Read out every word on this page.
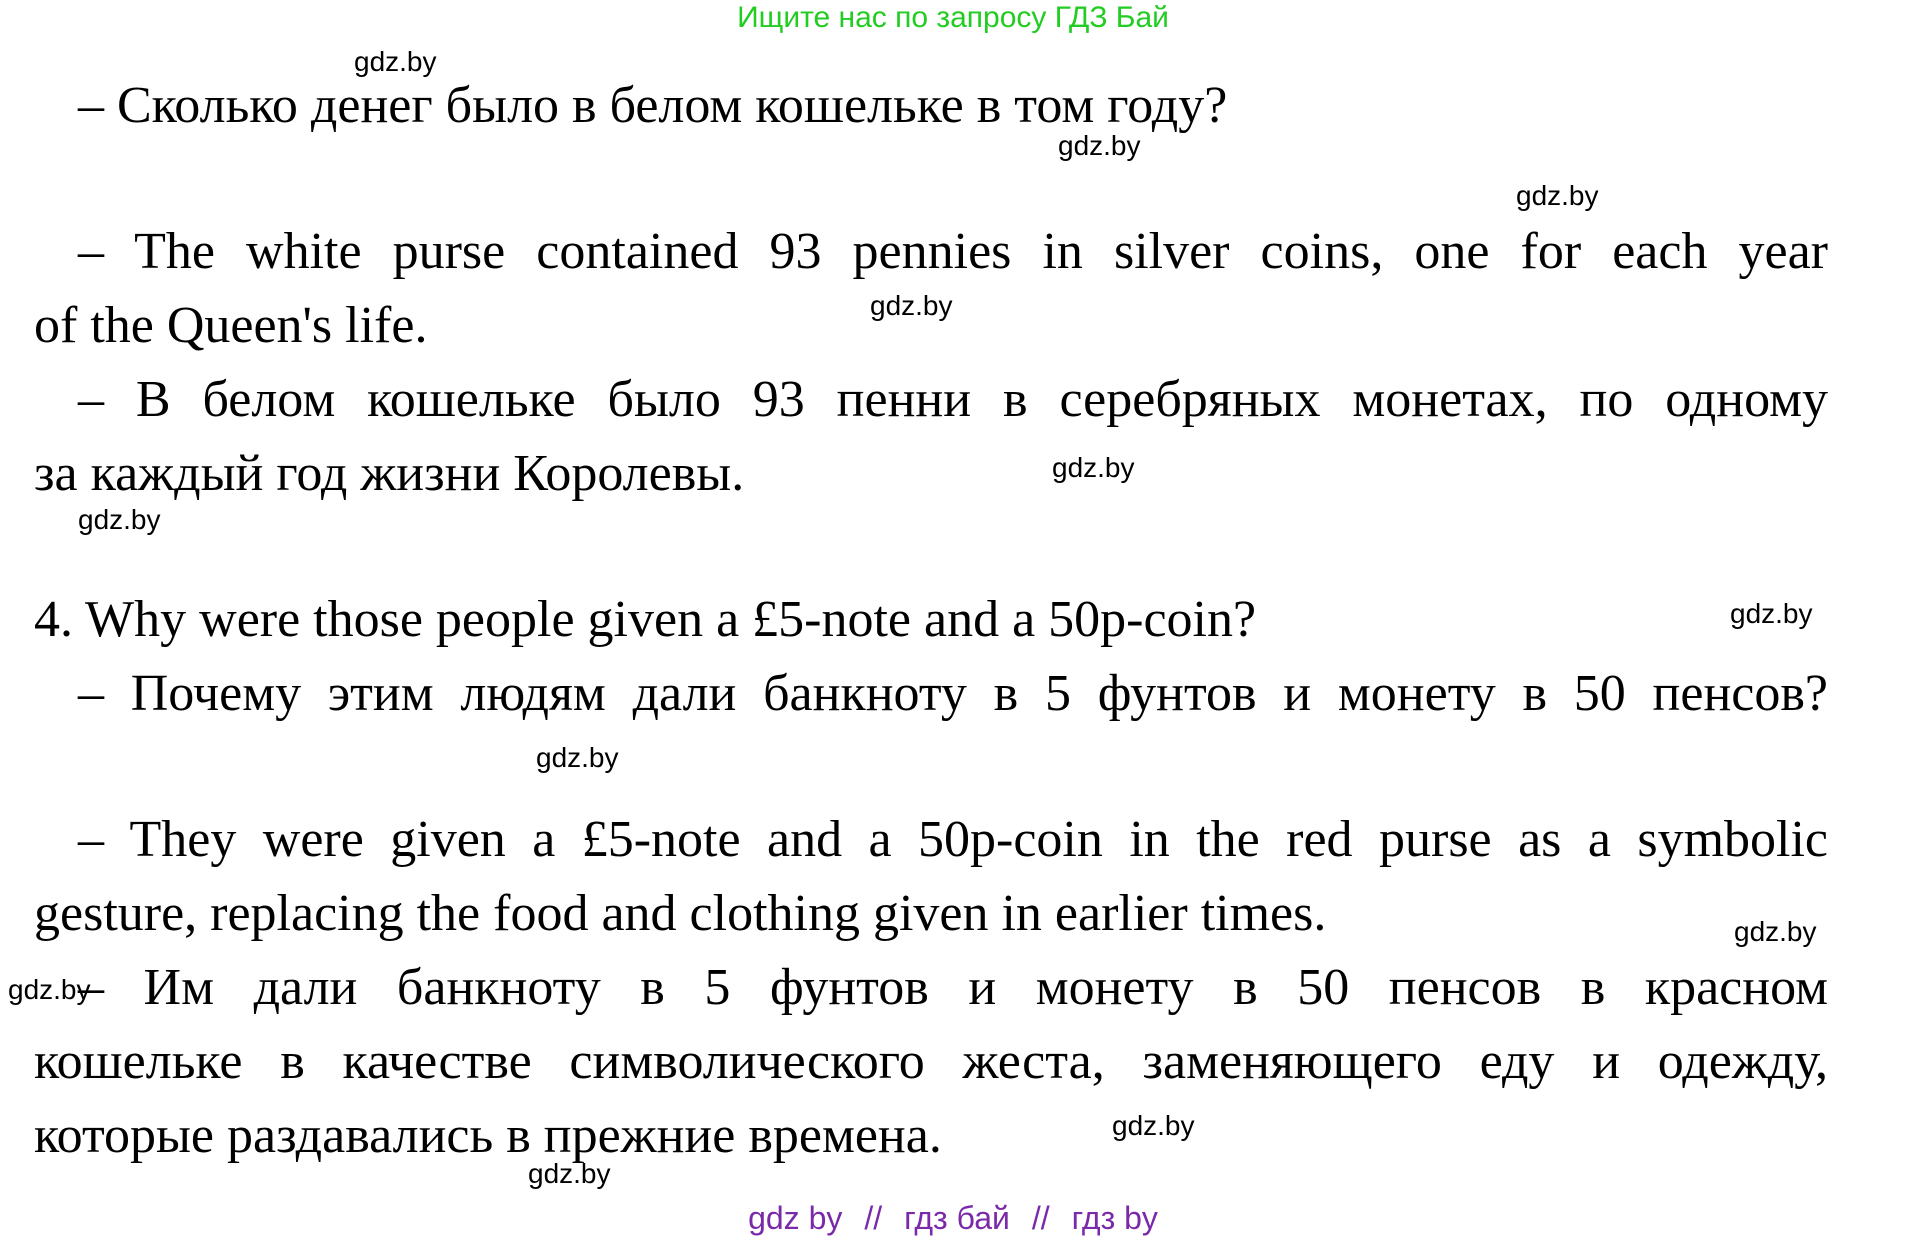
Ищите нас по запросу ГДЗ Бай
– Сколько денег было в белом кошельке в том году?
– The white purse contained 93 pennies in silver coins, one for each year
of the Queen's life.
– В белом кошельке было 93 пенни в серебряных монетах, по одному
за каждый год жизни Королевы.
4. Why were those people given a £5-note and a 50p-coin?
– Почему этим людям дали банкноту в 5 фунтов и монету в 50 пенсов?
– They were given a £5-note and a 50p-coin in the red purse as a symbolic
gesture, replacing the food and clothing given in earlier times.
– Им дали банкноту в 5 фунтов и монету в 50 пенсов в красном
кошельке в качестве символического жеста, заменяющего еду и одежду,
которые раздавались в прежние времена.
gdz.by
gdz.by
gdz.by
gdz.by
gdz.by
gdz.by
gdz.by
gdz.by
gdz.by
gdz.by
gdz.by
gdz.by
gdz by // гдз бай // гдз by
